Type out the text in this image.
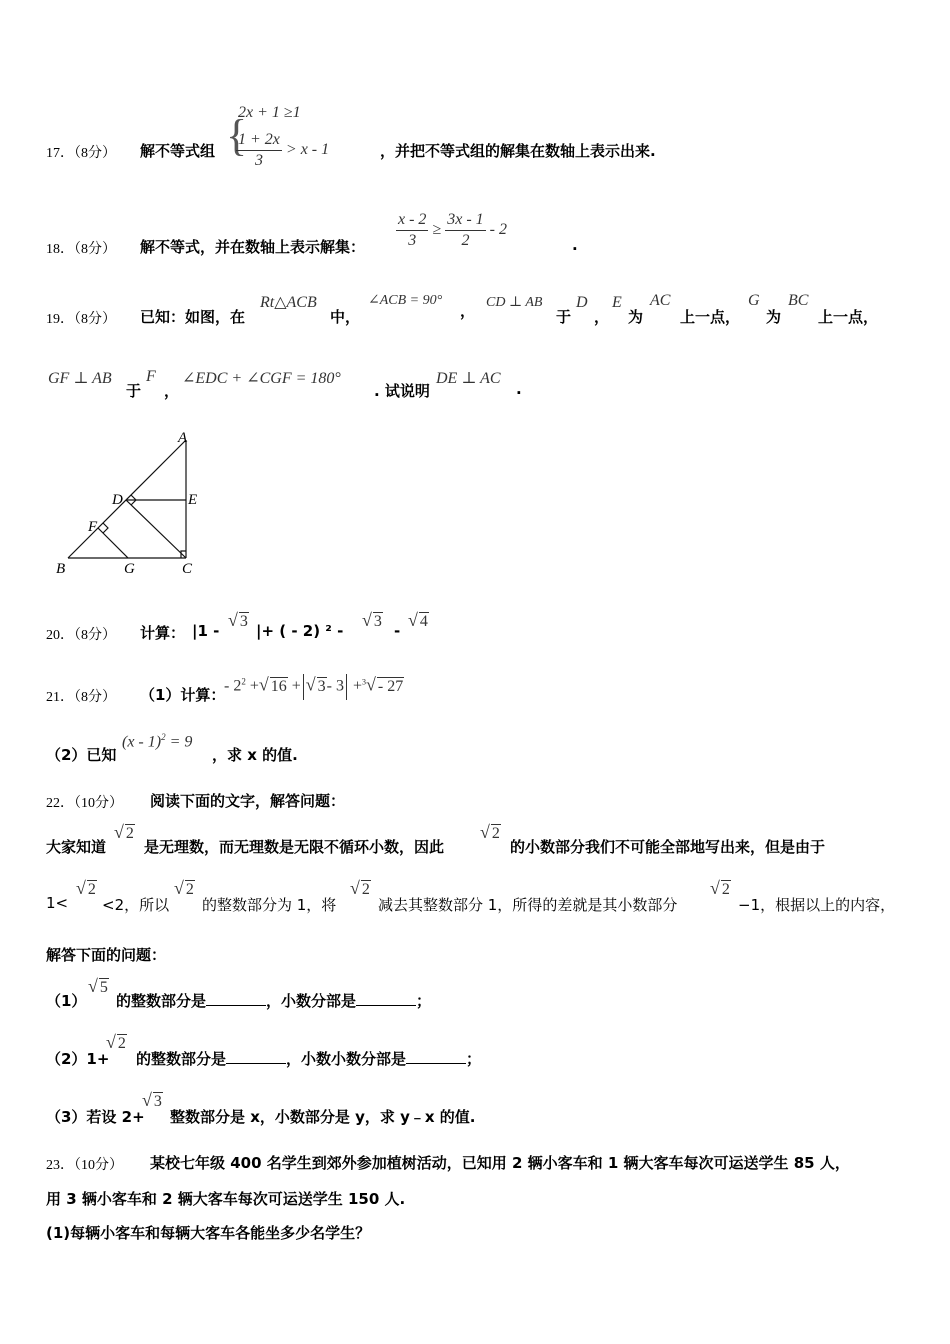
17．（8分） 解不等式组 {
2x + 1 ≥1
$\frac{1 + 2x}{3} > x - 1$	，并把不等式组的解集在数轴上表示出来.
18．（8分） 解不等式，并在数轴上表示解集： $\frac{x - 2}{3} \ge \frac{3x - 1}{2} - 2$
.
19．（8分） 已知：如图，在
Rt△ACB
中，
∠ACB = 90°
， CD ⊥ AB
于
D
，
E
为
AC
上一点，
G
为
BC
上一点，
GF ⊥ AB
于
F
，
∠EDC + ∠CGF = 180°
. 试说明
DE ⊥ AC
.
A
B	C
D	E
F
G
20．（8分） 计算： |1 -
√ 3
|+ ( - 2) ² -
√ 3
-
√ 4
21．（8分） （1）计算：
- $2^2$ +√ 16 + √ 3- 3 +$^3$√ - 27
（2）已知
(x - 1)$^2$ = 9
，求 x 的值.
22．（10分） 阅读下面的文字，解答问题：
大家知道
√ 2
是无理数，而无理数是无限不循环小数，因此
√ 2
的小数部分我们不可能全部地写出来，但是由于
1<
√ 2
<2，所以
√ 2
的整数部分为 1，将
√ 2
减去其整数部分 1，所得的差就是其小数部分
√ 2
−1，根据以上的内容，
解答下面的问题：
（1）
√ 5
的整数部分是	，小数分部是	；
（2）1+
√ 2
的整数部分是	，小数小数分部是	；
（3）若设 2+
√ 3
整数部分是 x，小数部分是 y，求 y﹣x 的值.
23．（10分） 某校七年级 400 名学生到郊外参加植树活动，已知用 2 辆小客车和 1 辆大客车每次可运送学生 85 人，
用 3 辆小客车和 2 辆大客车每次可运送学生 150 人.
(1)每辆小客车和每辆大客车各能坐多少名学生？
